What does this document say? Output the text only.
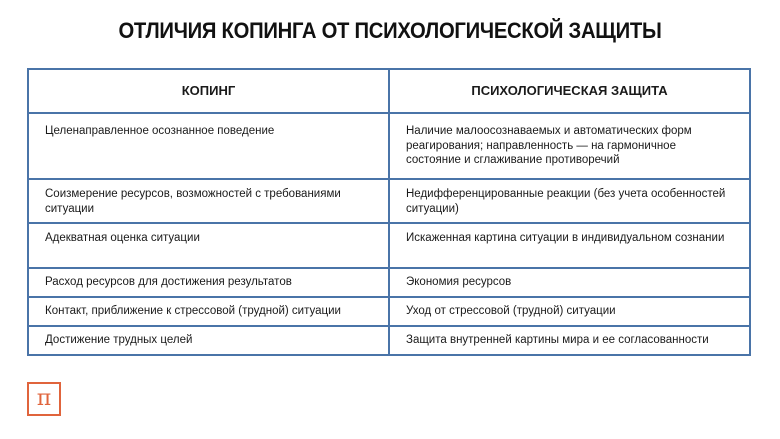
ОТЛИЧИЯ КОПИНГА ОТ ПСИХОЛОГИЧЕСКОЙ ЗАЩИТЫ
КОПИНГ	ПСИХОЛОГИЧЕСКАЯ ЗАЩИТА

Целенаправленное осознанное поведение	Наличие малоосознаваемых и автоматических форм реагирования; направленность — на гармоничное состояние и сглаживание противоречий

Соизмерение ресурсов, возможностей с требованиями ситуации	Недифференцированные реакции (без учета особенностей ситуации)

Адекватная оценка ситуации	Искаженная картина ситуации в индивидуальном сознании

Расход ресурсов для достижения результатов	Экономия ресурсов

Контакт, приближение к стрессовой (трудной) ситуации	Уход от стрессовой (трудной) ситуации

Достижение трудных целей	Защита внутренней картины мира и ее согласованности
π
